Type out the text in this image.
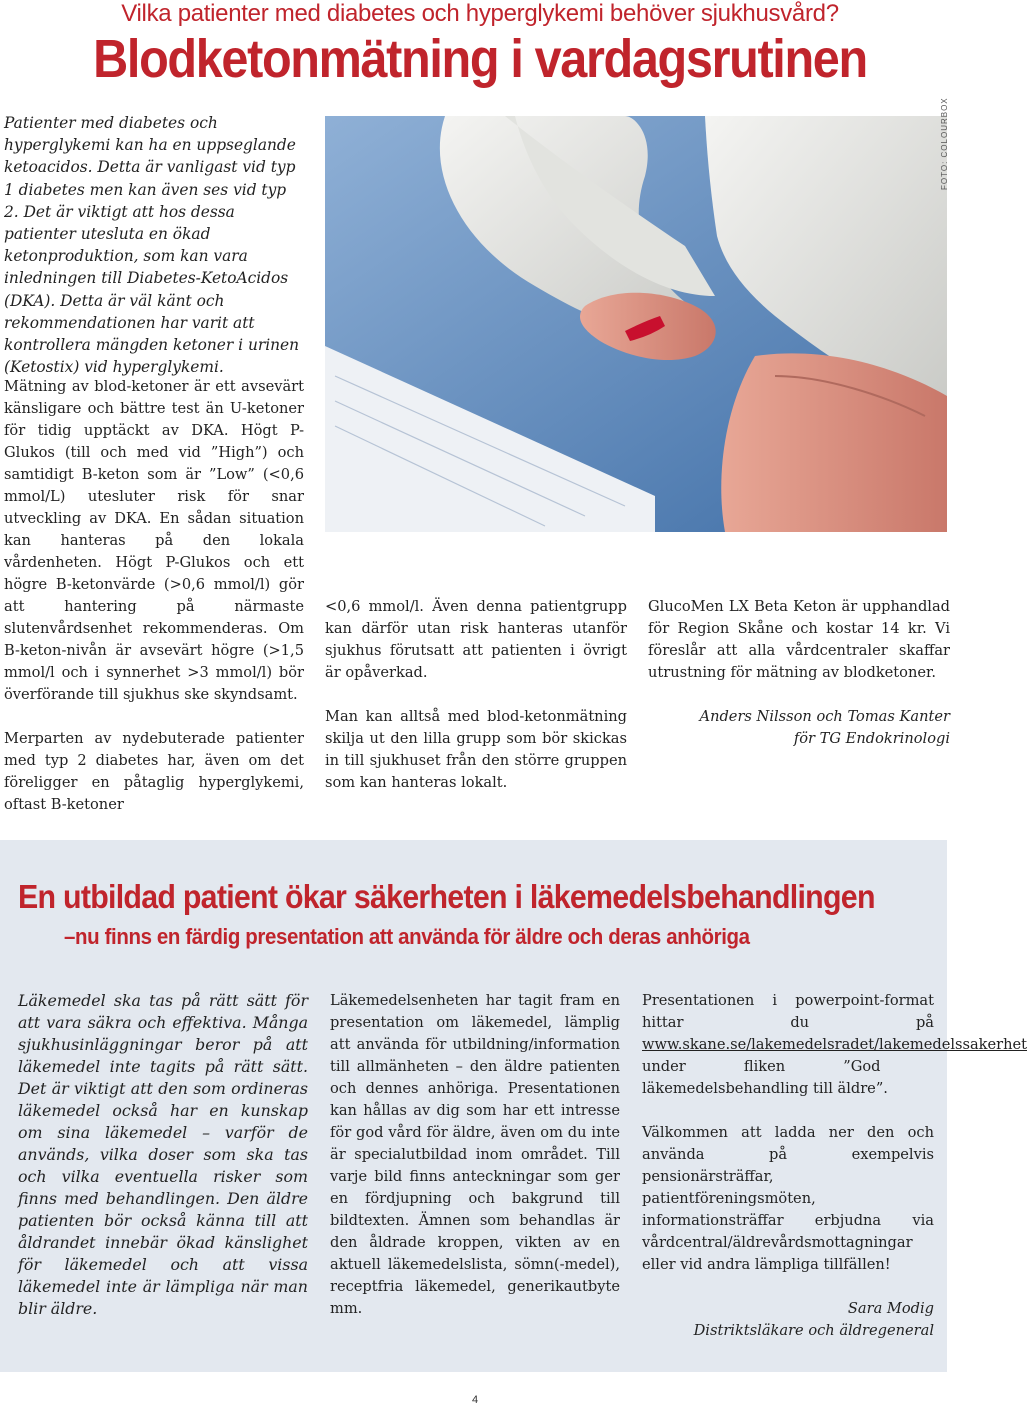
Vilka patienter med diabetes och hyperglykemi behöver sjukhusvård?
Blodketonmätning i vardagsrutinen
Patienter med diabetes och hyperglykemi kan ha en uppseglande ketoacidos. Detta är vanligast vid typ 1 diabetes men kan även ses vid typ 2. Det är viktigt att hos dessa patienter utesluta en ökad ketonproduktion, som kan vara inledningen till Diabetes-KetoAcidos (DKA). Detta är väl känt och rekommendationen har varit att kontrollera mängden ketoner i urinen (Ketostix) vid hyperglykemi.

Mätning av blod-ketoner är ett avsevärt känsligare och bättre test än U-ketoner för tidig upptäckt av DKA. Högt P-Glukos (till och med vid ”High”) och samtidigt B-keton som är ”Low” (<0,6 mmol/L) utesluter risk för snar utveckling av DKA. En sådan situation kan hanteras på den lokala vårdenheten. Högt P-Glukos och ett högre B-ketonvärde (>0,6 mmol/l) gör att hantering på närmaste slutenvårdsenhet rekommenderas. Om B-keton-nivån är avsevärt högre (>1,5 mmol/l och i synnerhet >3 mmol/l) bör överförande till sjukhus ske skyndsamt.

Merparten av nydebuterade patienter med typ 2 diabetes har, även om det föreligger en påtaglig hyperglykemi, oftast B-ketoner

FOTO: COLOURBOX

<0,6 mmol/l. Även denna patientgrupp kan därför utan risk hanteras utanför sjukhus förutsatt att patienten i övrigt är opåverkad.

Man kan alltså med blod-ketonmätning skilja ut den lilla grupp som bör skickas in till sjukhuset från den större gruppen som kan hanteras lokalt.

GlucoMen LX Beta Keton är upphandlad för Region Skåne och kostar 14 kr. Vi föreslår att alla vårdcentraler skaffar utrustning för mätning av blodketoner.

Anders Nilsson och Tomas Kanter
för TG Endokrinologi
En utbildad patient ökar säkerheten i läkemedelsbehandlingen
–nu finns en färdig presentation att använda för äldre och deras anhöriga
Läkemedel ska tas på rätt sätt för att vara säkra och effektiva. Många sjukhusinläggningar beror på att läkemedel inte tagits på rätt sätt. Det är viktigt att den som ordineras läkemedel också har en kunskap om sina läkemedel – varför de används, vilka doser som ska tas och vilka eventuella risker som finns med behandlingen. Den äldre patienten bör också känna till att åldrandet innebär ökad känslighet för läkemedel och att vissa läkemedel inte är lämpliga när man blir äldre.
Läkemedelsenheten har tagit fram en presentation om läkemedel, lämplig att använda för utbildning/information till allmänheten – den äldre patienten och dennes anhöriga. Presentationen kan hållas av dig som har ett intresse för god vård för äldre, även om du inte är specialutbildad inom området. Till varje bild finns anteckningar som ger en fördjupning och bakgrund till bildtexten. Ämnen som behandlas är den åldrade kroppen, vikten av en aktuell läkemedelslista, sömn(-medel), receptfria läkemedel, generikautbyte mm.

Presentationen i powerpoint-format hittar du på www.skane.se/lakemedelsradet/lakemedelssakerhet under fliken ”God läkemedelsbehandling till äldre”.

Välkommen att ladda ner den och använda på exempelvis pensionärsträffar, patientföreningsmöten, informationsträffar erbjudna via vårdcentral/äldrevårdsmottagningar eller vid andra lämpliga tillfällen!

Sara Modig
Distriktsläkare och äldregeneral
4
